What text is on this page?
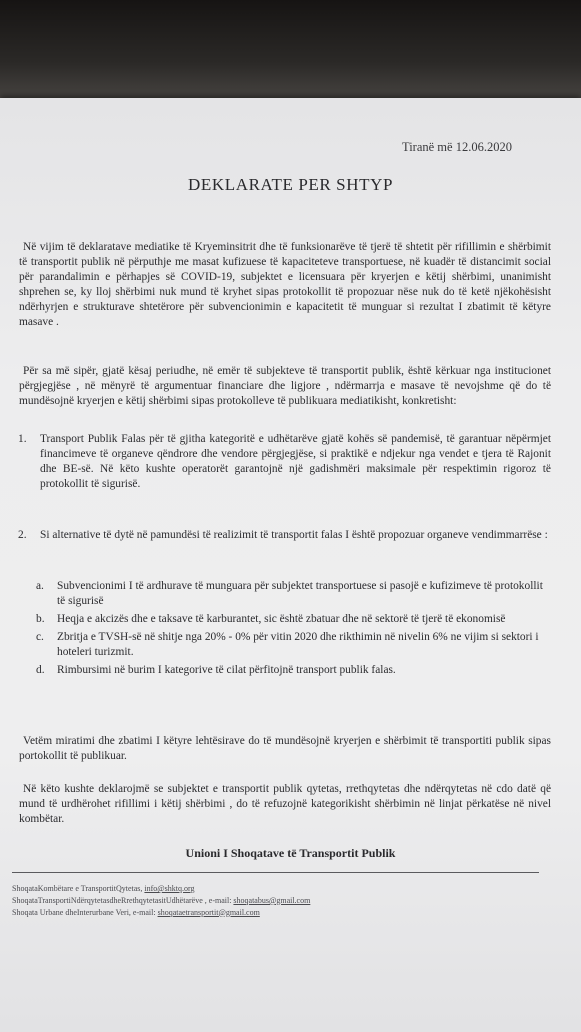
Tiranë më 12.06.2020
DEKLARATE PER SHTYP
Në vijim të deklaratave mediatike të Kryeminsitrit dhe të funksionarëve të tjerë të shtetit për rifillimin e shërbimit të transportit publik në përputhje me masat kufizuese të kapaciteteve transportuese, në kuadër të distancimit social për parandalimin e përhapjes së COVID-19, subjektet e licensuara për kryerjen e këtij shërbimi, unanimisht shprehen se, ky lloj shërbimi nuk mund të kryhet sipas protokollit të propozuar nëse nuk do të ketë njëkohësisht ndërhyrjen e strukturave shtetërore për subvencionimin e kapacitetit të munguar si rezultat I zbatimit të këtyre masave .
Për sa më sipër, gjatë kësaj periudhe, në emër të subjekteve të transportit publik, është kërkuar nga institucionet përgjegjëse , në mënyrë të argumentuar financiare dhe ligjore , ndërmarrja e masave të nevojshme që do të mundësojnë kryerjen e këtij shërbimi sipas protokolleve të publikuara mediatikisht, konkretisht:
1. Transport Publik Falas për të gjitha kategoritë e udhëtarëve gjatë kohës së pandemisë, të garantuar nëpërmjet financimeve të organeve qëndrore dhe vendore përgjegjëse, si praktikë e ndjekur nga vendet e tjera të Rajonit dhe BE-së. Në këto kushte operatorët garantojnë një gadishmëri maksimale për respektimin rigoroz të protokollit të sigurisë.
2. Si alternative të dytë në pamundësi të realizimit të transportit falas I është propozuar organeve vendimmarrëse :
a. Subvencionimi I të ardhurave të munguara për subjektet transportuese si pasojë e kufizimeve të protokollit të sigurisë
b. Heqja e akcizës dhe e taksave të karburantet, sic është zbatuar dhe në sektorë të tjerë të ekonomisë
c. Zbritja e TVSH-së në shitje nga 20% - 0% për vitin 2020 dhe rikthimin në nivelin 6% ne vijim si sektori i hoteleri turizmit.
d. Rimbursimi në burim I kategorive të cilat përfitojnë transport publik falas.
Vetëm miratimi dhe zbatimi I këtyre lehtësirave do të mundësojnë kryerjen e shërbimit të transportiti publik sipas portokollit të publikuar.
Në këto kushte deklarojmë se subjektet e transportit publik qytetas, rrethqytetas dhe ndërqytetas në cdo datë që mund të urdhërohet rifillimi i këtij shërbimi , do të refuzojnë kategorikisht shërbimin në linjat përkatëse në nivel kombëtar.
Unioni I Shoqatave të Transportit Publik
ShoqataKombëtare e TransportitQytetas, info@shktq.org
ShoqataTransportiNdërqytetasdheRrethqytetasitUdhëtarëve , e-mail: shoqatabus@gmail.com
Shoqata Urbane dheInterurbane Veri, e-mail: shoqataetransportit@gmail.com
